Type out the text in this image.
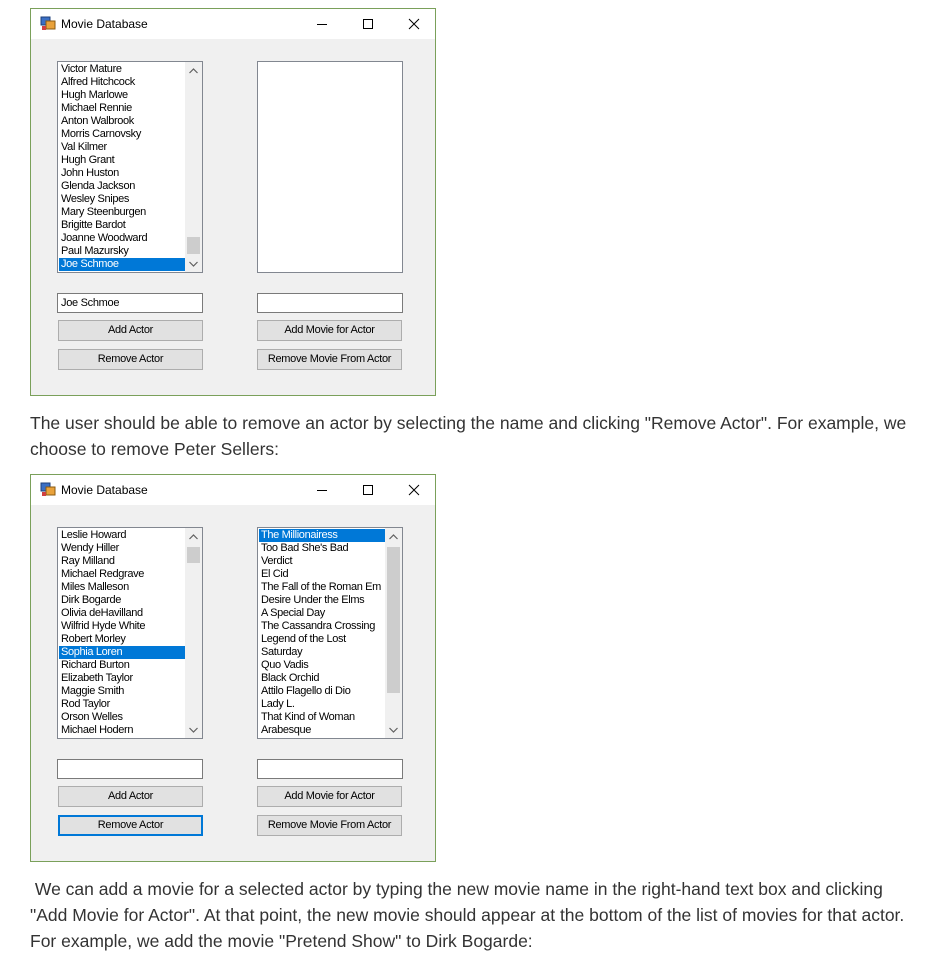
Movie Database
Victor Mature
Alfred Hitchcock
Hugh Marlowe
Michael Rennie
Anton Walbrook
Morris Carnovsky
Val Kilmer
Hugh Grant
John Huston
Glenda Jackson
Wesley Snipes
Mary Steenburgen
Brigitte Bardot
Joanne Woodward
Paul Mazursky
Joe Schmoe
Joe Schmoe
Add Actor	Add Movie for Actor
Remove Actor	Remove Movie From Actor

The user should be able to remove an actor by selecting the name and clicking "Remove Actor". For example, we choose to remove Peter Sellers:

Movie Database
Leslie Howard
Wendy Hiller
Ray Milland
Michael Redgrave
Miles Malleson
Dirk Bogarde
Olivia deHavilland
Wilfrid Hyde White
Robert Morley
Sophia Loren
Richard Burton
Elizabeth Taylor
Maggie Smith
Rod Taylor
Orson Welles
Michael Hodern
The Millionairess
Too Bad She's Bad
Verdict
El Cid
The Fall of the Roman Em
Desire Under the Elms
A Special Day
The Cassandra Crossing
Legend of the Lost
Saturday
Quo Vadis
Black Orchid
Attilo Flagello di Dio
Lady L.
That Kind of Woman
Arabesque
Add Actor	Add Movie for Actor
Remove Actor	Remove Movie From Actor

We can add a movie for a selected actor by typing the new movie name in the right-hand text box and clicking "Add Movie for Actor". At that point, the new movie should appear at the bottom of the list of movies for that actor. For example, we add the movie "Pretend Show" to Dirk Bogarde:
